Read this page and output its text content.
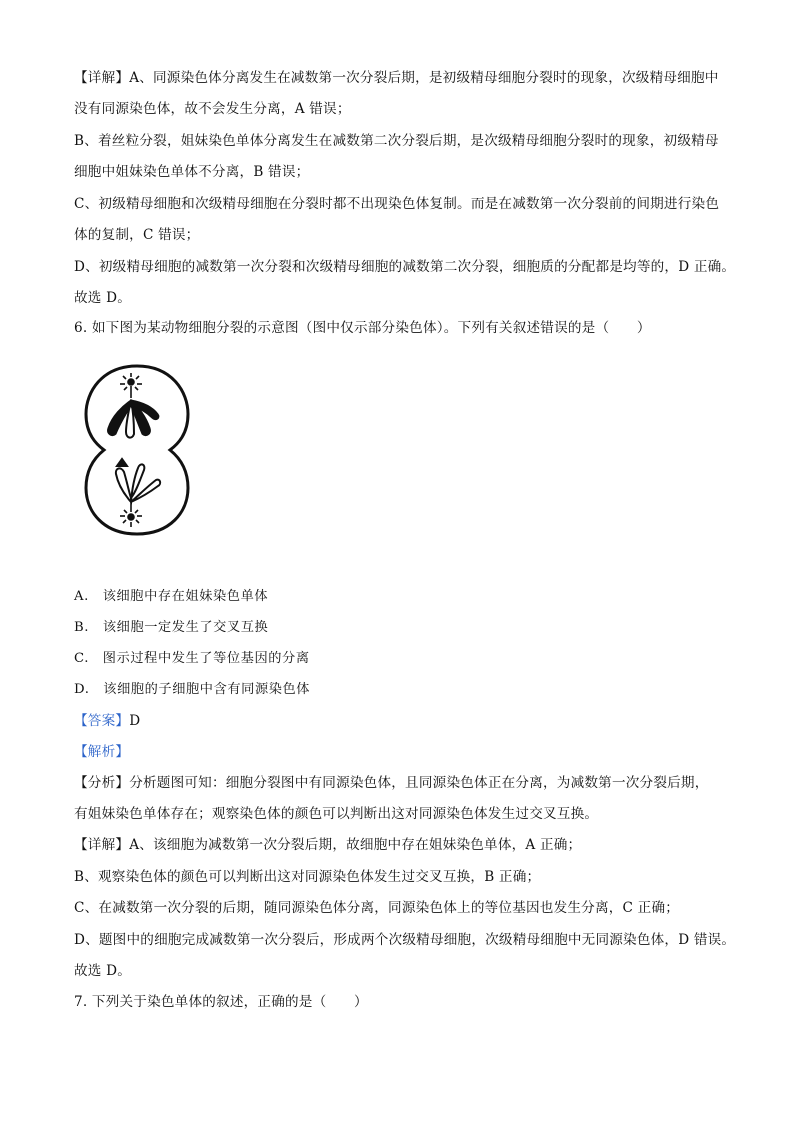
【详解】A、同源染色体分离发生在减数第一次分裂后期，是初级精母细胞分裂时的现象，次级精母细胞中
没有同源染色体，故不会发生分离，A 错误；
B、着丝粒分裂，姐妹染色单体分离发生在减数第二次分裂后期，是次级精母细胞分裂时的现象，初级精母
细胞中姐妹染色单体不分离，B 错误；
C、初级精母细胞和次级精母细胞在分裂时都不出现染色体复制。而是在减数第一次分裂前的间期进行染色
体的复制，C 错误；
D、初级精母细胞的减数第一次分裂和次级精母细胞的减数第二次分裂，细胞质的分配都是均等的，D 正确。
故选 D。
6. 如下图为某动物细胞分裂的示意图（图中仅示部分染色体）。下列有关叙述错误的是（　　）
A.　该细胞中存在姐妹染色单体
B.　该细胞一定发生了交叉互换
C.　图示过程中发生了等位基因的分离
D.　该细胞的子细胞中含有同源染色体
【答案】D
【解析】
【分析】分析题图可知：细胞分裂图中有同源染色体，且同源染色体正在分离，为减数第一次分裂后期，
有姐妹染色单体存在；观察染色体的颜色可以判断出这对同源染色体发生过交叉互换。
【详解】A、该细胞为减数第一次分裂后期，故细胞中存在姐妹染色单体，A 正确；
B、观察染色体的颜色可以判断出这对同源染色体发生过交叉互换，B 正确；
C、在减数第一次分裂的后期，随同源染色体分离，同源染色体上的等位基因也发生分离，C 正确；
D、题图中的细胞完成减数第一次分裂后，形成两个次级精母细胞，次级精母细胞中无同源染色体，D 错误。
故选 D。
7. 下列关于染色单体的叙述，正确的是（　　）
